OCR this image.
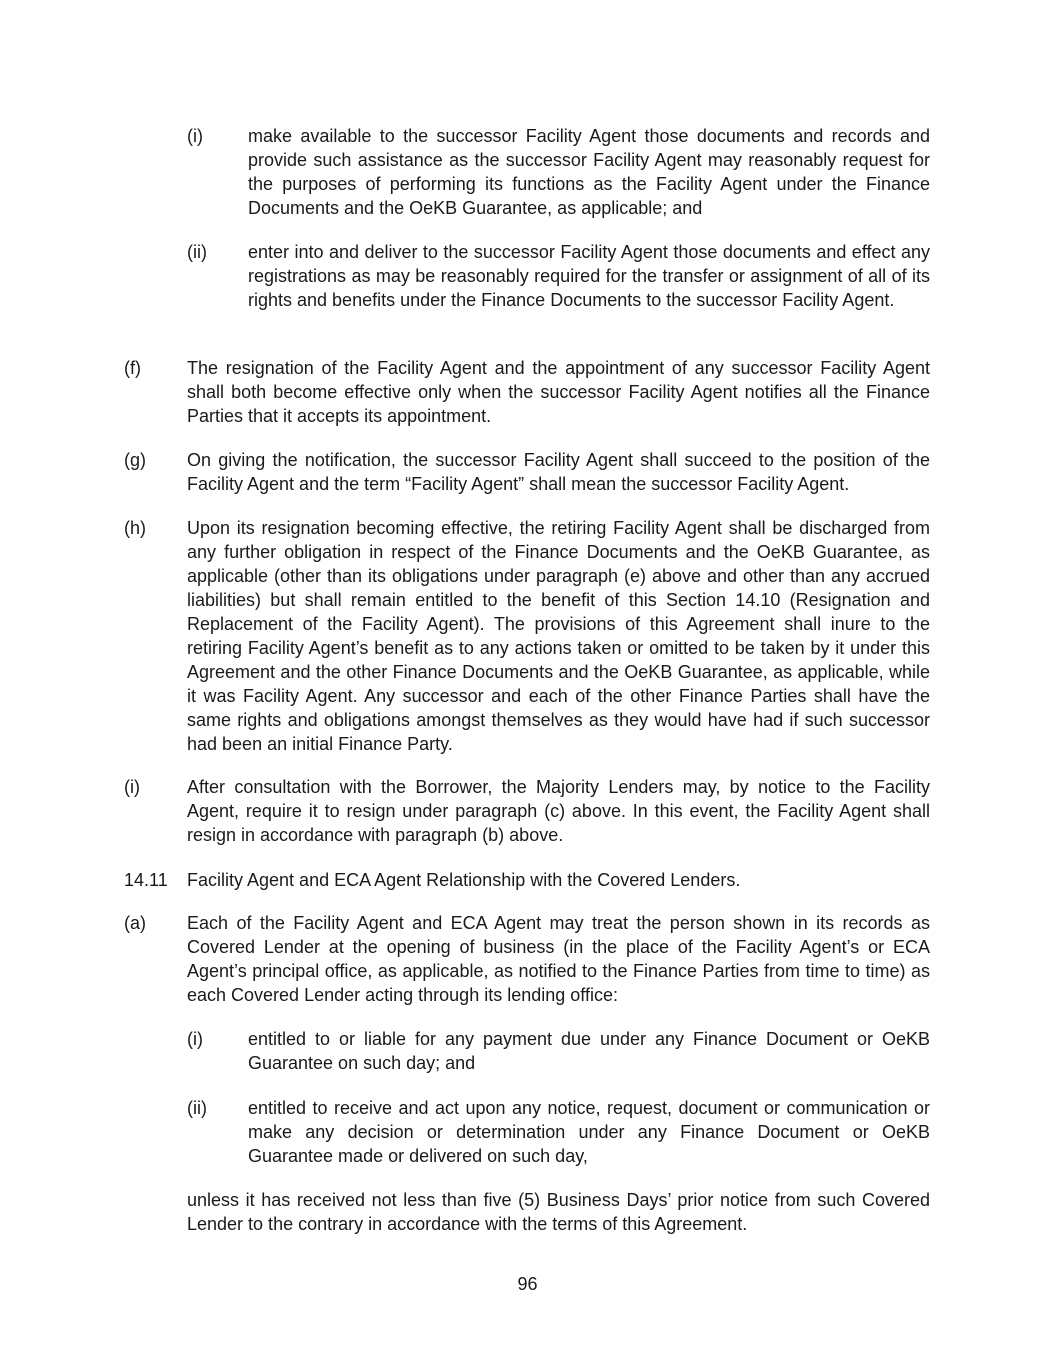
(i)	make available to the successor Facility Agent those documents and records and provide such assistance as the successor Facility Agent may reasonably request for the purposes of performing its functions as the Facility Agent under the Finance Documents and the OeKB Guarantee, as applicable; and
(ii) enter into and deliver to the successor Facility Agent those documents and effect any registrations as may be reasonably required for the transfer or assignment of all of its rights and benefits under the Finance Documents to the successor Facility Agent.
(f)	The resignation of the Facility Agent and the appointment of any successor Facility Agent shall both become effective only when the successor Facility Agent notifies all the Finance Parties that it accepts its appointment.
(g) On giving the notification, the successor Facility Agent shall succeed to the position of the Facility Agent and the term “Facility Agent” shall mean the successor Facility Agent.
(h) Upon its resignation becoming effective, the retiring Facility Agent shall be discharged from any further obligation in respect of the Finance Documents and the OeKB Guarantee, as applicable (other than its obligations under paragraph (e) above and other than any accrued liabilities) but shall remain entitled to the benefit of this Section 14.10 (Resignation and Replacement of the Facility Agent). The provisions of this Agreement shall inure to the retiring Facility Agent’s benefit as to any actions taken or omitted to be taken by it under this Agreement and the other Finance Documents and the OeKB Guarantee, as applicable, while it was Facility Agent. Any successor and each of the other Finance Parties shall have the same rights and obligations amongst themselves as they would have had if such successor had been an initial Finance Party.
(i)	After consultation with the Borrower, the Majority Lenders may, by notice to the Facility Agent, require it to resign under paragraph (c) above. In this event, the Facility Agent shall resign in accordance with paragraph (b) above.
14.11 Facility Agent and ECA Agent Relationship with the Covered Lenders.
(a) Each of the Facility Agent and ECA Agent may treat the person shown in its records as Covered Lender at the opening of business (in the place of the Facility Agent’s or ECA Agent’s principal office, as applicable, as notified to the Finance Parties from time to time) as each Covered Lender acting through its lending office:
(i)	entitled to or liable for any payment due under any Finance Document or OeKB Guarantee on such day; and
(ii) entitled to receive and act upon any notice, request, document or communication or make any decision or determination under any Finance Document or OeKB Guarantee made or delivered on such day,
unless it has received not less than five (5) Business Days’ prior notice from such Covered Lender to the contrary in accordance with the terms of this Agreement.
96
